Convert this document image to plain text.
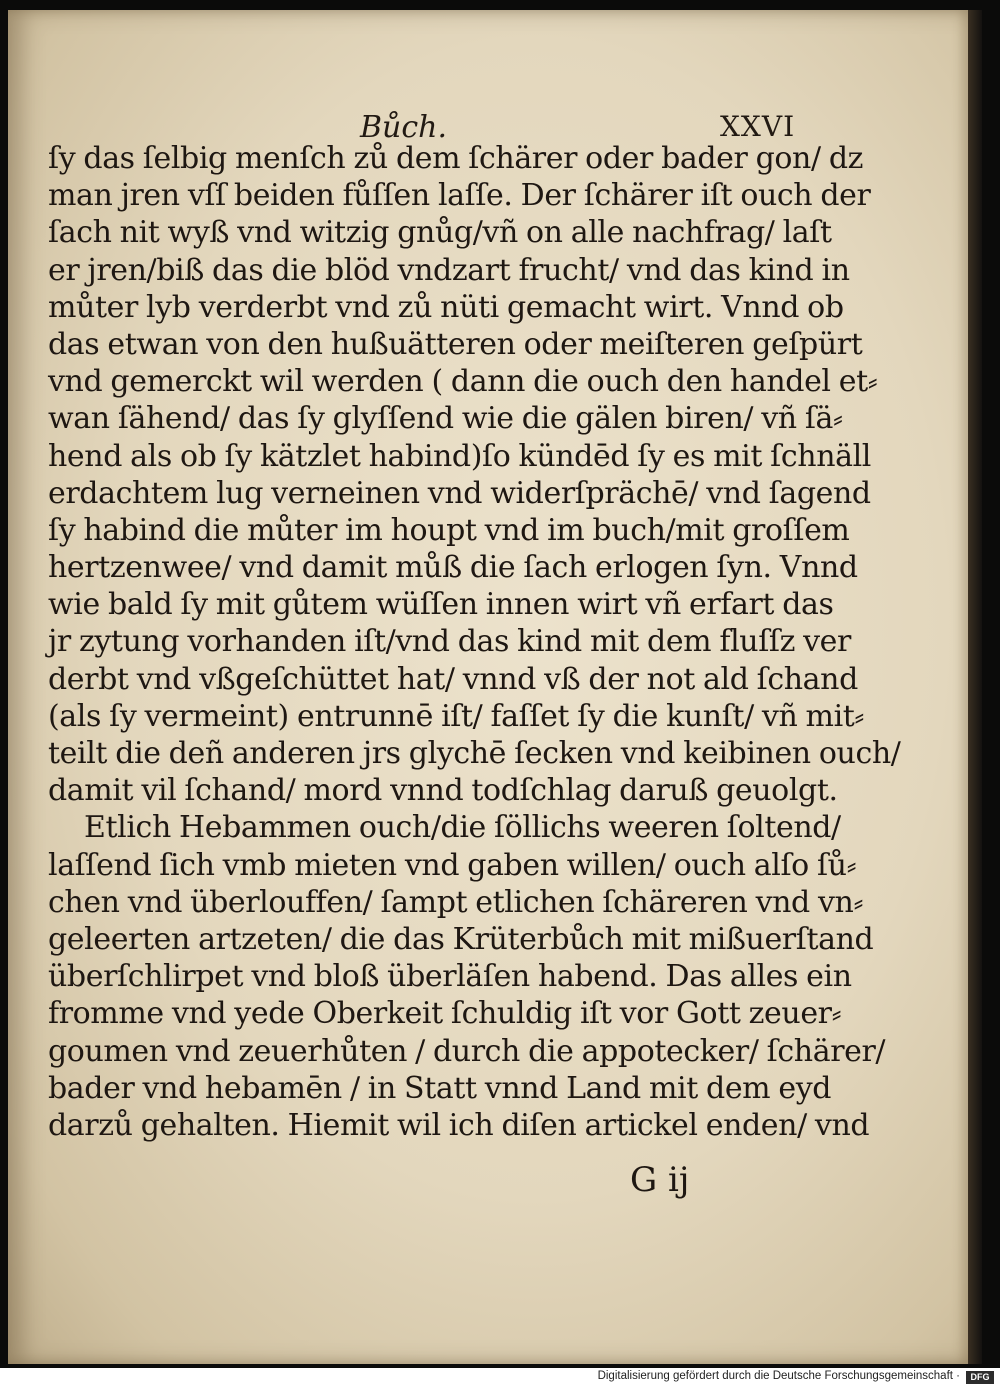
Bůch.	XXVI
ſy das ſelbig menſch zů dem ſchärer oder bader gon/ dz
man jren vſſ beiden fůſſen laſſe. Der ſchärer iſt ouch der
ſach nit wyß vnd witzig gnůg/vñ on alle nachfrag/ laſt
er jren/biß das die blöd vndzart frucht/ vnd das kind in
můter lyb verderbt vnd zů nüti gemacht wirt. Vnnd ob
das etwan von den hußuätteren oder meiſteren geſpürt
vnd gemerckt wil werden ( dann die ouch den handel et⸗
wan ſähend/ das ſy glyſſend wie die gälen biren/ vñ ſä⸗
hend als ob ſy kätzlet habind)ſo kündēd ſy es mit ſchnäll
erdachtem lug verneinen vnd widerſprächē/ vnd ſagend
ſy habind die můter im houpt vnd im buch/mit groſſem
hertzenwee/ vnd damit můß die ſach erlogen ſyn. Vnnd
wie bald ſy mit gůtem wüſſen innen wirt vñ erfart das
jr zytung vorhanden iſt/vnd das kind mit dem fluſſz ver
derbt vnd vßgeſchüttet hat/ vnnd vß der not ald ſchand
(als ſy vermeint) entrunnē iſt/ faſſet ſy die kunſt/ vñ mit⸗
teilt die deñ anderen jrs glychē ſecken vnd keibinen ouch/
damit vil ſchand/ mord vnnd todſchlag daruß geuolgt.
Etlich Hebammen ouch/die ſöllichs weeren ſoltend/
laſſend ſich vmb mieten vnd gaben willen/ ouch alſo ſů⸗
chen vnd überlouffen/ ſampt etlichen ſchäreren vnd vn⸗
geleerten artzeten/ die das Krüterbůch mit mißuerſtand
überſchlirpet vnd bloß überläſen habend. Das alles ein
fromme vnd yede Oberkeit ſchuldig iſt vor Gott zeuer⸗
goumen vnd zeuerhůten / durch die appotecker/ ſchärer/
bader vnd hebamēn / in Statt vnnd Land mit dem eyd
darzů gehalten. Hiemit wil ich diſen artickel enden/ vnd
G ij
Digitalisierung gefördert durch die Deutsche Forschungsgemeinschaft ·	DFG
